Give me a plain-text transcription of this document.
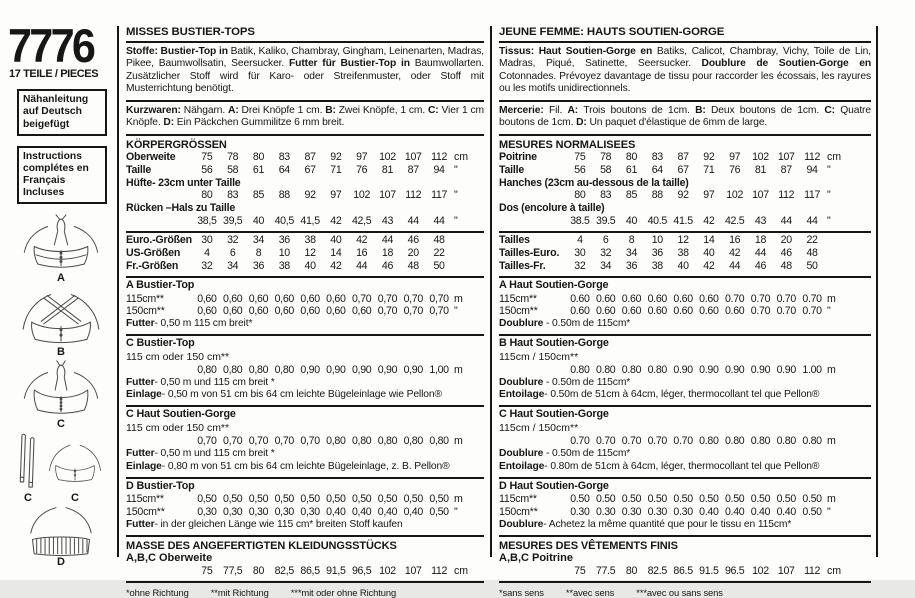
7776
17 TEILE / PIECES
Nähanleitung auf Deutsch beigefügt
Instructions complétes en Français Incluses
A
B
C
C	C
D
MISSES BUSTIER-TOPS
Stoffe: Bustier-Top in Batik, Kaliko, Chambray, Gingham, Leinenarten, Madras, Pikee, Baumwollsatin, Seersucker. Futter für Bustier-Top in Baumwollarten. Zusätzlicher Stoff wird für Karo- oder Streifenmuster, oder Stoff mit Musterrichtung benötigt.
Kurzwaren: Nähgarn. A: Drei Knöpfe 1 cm. B: Zwei Knöpfe, 1 cm. C: Vier 1 cm Knöpfe. D: Ein Päckchen Gummilitze 6 mm breit.
KÖRPERGRÖSSEN
Oberweite	75	78	80	83	87	92	97	102 107 112 cm
Taille	56	58	61	64	67	71	76	81	87	94 "
Hüfte- 23cm unter Taille
80	83	85	88	92	97	102 107 112 117 "
Rücken –Hals zu Taille
38,5 39,5 40 40,5 41,5 42 42,5 43	44	44 "
Euro.-Größen 30	32	34	36	38	40	42	44	46	48
US-Größen	4	6	8	10	12	14	16	18	20	22
Fr.-Größen	32	34	36	38	40	42	44	46	48	50
A Bustier-Top
115cm**	0,60 0,60 0,60 0,60 0,60 0,60 0,70 0,70 0,70 0,70 m
150cm**	0,60 0,60 0,60 0,60 0,60 0,60 0,60 0,70 0,70 0,70 "
Futter- 0,50 m 115 cm breit*
C Bustier-Top
115 cm oder 150 cm**
0,80 0,80 0,80 0,80 0,90 0,90 0,90 0,90 0,90 1,00 m
Futter- 0,50 m und 115 cm breit *
Einlage- 0,50 m von 51 cm bis 64 cm leichte Bügeleinlage wie Pellon®
C Haut Soutien-Gorge
115 cm oder 150 cm**
0,70 0,70 0,70 0,70 0,70 0,80 0,80 0,80 0,80 0,80 m
Futter- 0,50 m und 115 cm breit *
Einlage- 0,80 m von 51 cm bis 64 cm leichte Bügeleinlage, z. B. Pellon®
D Bustier-Top
115cm**	0,50 0,50 0,50 0,50 0,50 0,50 0,50 0,50 0,50 0,50 m
150cm**	0,30 0,30 0,30 0,30 0,30 0,40 0,40 0,40 0,40 0,50 "
Futter- in der gleichen Länge wie 115 cm* breiten Stoff kaufen
MASSE DES ANGEFERTIGTEN KLEIDUNGSSTÜCKS
A,B,C Oberweite
75 77,5 80 82,5 86,5 91,5 96,5 102 107 112 cm
*ohne Richtung **mit Richtung ***mit oder ohne Richtung
JEUNE FEMME: HAUTS SOUTIEN-GORGE
Tissus: Haut Soutien-Gorge en Batiks, Calicot, Chambray, Vichy, Toile de Lin, Madras, Piqué, Satinette, Seersucker. Doublure de Soutien-Gorge en Cotonnades. Prévoyez davantage de tissu pour raccorder les écossais, les rayures ou les motifs unidirectionnels.
Mercerie: Fil. A: Trois boutons de 1cm. B: Deux boutons de 1cm. C: Quatre boutons de 1cm. D: Un paquet d'élastique de 6mm de large.
MESURES NORMALISEES
Poitrine	75	78	80	83	87	92	97	102 107 112 cm
Taille	56	58	61	64	67	71	76	81	87	94 "
Hanches (23cm au-dessous de la taille)
80	83	85	88	92	97	102 107 112 117 "
Dos (encolure à taille)
38.5 39.5 40 40.5 41.5 42 42.5 43	44	44 "
Tailles	4	6	8	10	12	14	16	18	20	22
Tailles-Euro.	30	32	34	36	38	40	42	44	46	48
Tailles-Fr.	32	34	36	38	40	42	44	46	48	50
A Haut Soutien-Gorge
115cm**	0.60 0.60 0.60 0.60 0.60 0.60 0.70 0.70 0.70 0.70 m
150cm**	0.60 0.60 0.60 0.60 0.60 0.60 0.60 0.70 0.70 0.70 "
Doublure - 0.50m de 115cm*
B Haut Soutien-Gorge
115cm / 150cm**
0.80 0.80 0.80 0.80 0.90 0.90 0.90 0.90 0.90 1.00 m
Doublure - 0.50m de 115cm*
Entoilage- 0.50m de 51cm à 64cm, léger, thermocollant tel que Pellon®
C Haut Soutien-Gorge
115cm / 150cm**
0.70 0.70 0.70 0.70 0.70 0.80 0.80 0.80 0.80 0.80 m
Doublure - 0.50m de 115cm*
Entoilage- 0.80m de 51cm à 64cm, léger, thermocollant tel que Pellon®
D Haut Soutien-Gorge
115cm**	0.50 0.50 0.50 0.50 0.50 0.50 0.50 0.50 0.50 0.50 m
150cm**	0.30 0.30 0.30 0.30 0.30 0.40 0.40 0.40 0.40 0.50 "
Doublure- Achetez la même quantité que pour le tissu en 115cm*
MESURES DES VÊTEMENTS FINIS
A,B,C Poitrine
75 77.5 80 82.5 86.5 91.5 96.5 102 107 112 cm
*sans sens **avec sens ***avec ou sans sens
